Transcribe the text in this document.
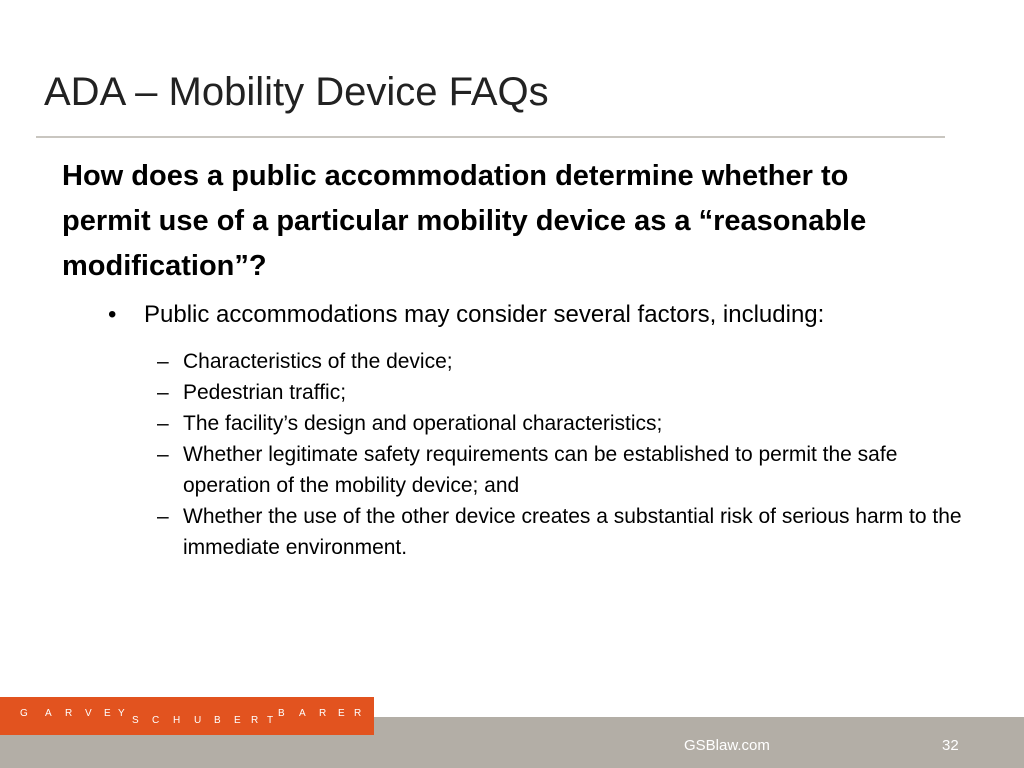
ADA – Mobility Device FAQs

How does a public accommodation determine whether to permit use of a particular mobility device as a “reasonable modification”?

• Public accommodations may consider several factors, including:
– Characteristics of the device;
– Pedestrian traffic;
– The facility’s design and operational characteristics;
– Whether legitimate safety requirements can be established to permit the safe operation of the mobility device; and
– Whether the use of the other device creates a substantial risk of serious harm to the immediate environment.
G A R V E Y
S C H U B E R T
B A R E R
GSBlaw.com	32
